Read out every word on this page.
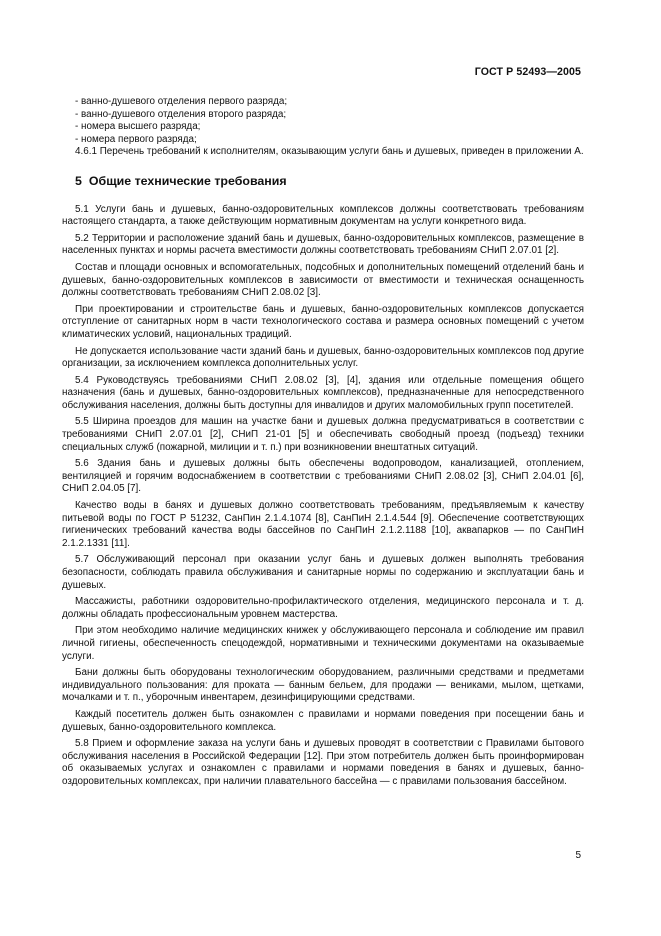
ГОСТ Р 52493—2005

- ванно-душевого отделения первого разряда;

- ванно-душевого отделения второго разряда;

- номера высшего разряда;

- номера первого разряда;

4.6.1 Перечень требований к исполнителям, оказывающим услуги бань и душевых, приведен в приложении А.

5 Общие технические требования

5.1 Услуги бань и душевых, банно-оздоровительных комплексов должны соответствовать требованиям настоящего стандарта, а также действующим нормативным документам на услуги конкретного вида.

5.2 Территории и расположение зданий бань и душевых, банно-оздоровительных комплексов, размещение в населенных пунктах и нормы расчета вместимости должны соответствовать требованиям СНиП 2.07.01 [2].

Состав и площади основных и вспомогательных, подсобных и дополнительных помещений отделений бань и душевых, банно-оздоровительных комплексов в зависимости от вместимости и техническая оснащенность должны соответствовать требованиям СНиП 2.08.02 [3].

При проектировании и строительстве бань и душевых, банно-оздоровительных комплексов допускается отступление от санитарных норм в части технологического состава и размера основных помещений с учетом климатических условий, национальных традиций.

Не допускается использование части зданий бань и душевых, банно-оздоровительных комплексов под другие организации, за исключением комплекса дополнительных услуг.

5.4 Руководствуясь требованиями СНиП 2.08.02 [3], [4], здания или отдельные помещения общего назначения (бань и душевых, банно-оздоровительных комплексов), предназначенные для непосредственного обслуживания населения, должны быть доступны для инвалидов и других маломобильных групп посетителей.

5.5 Ширина проездов для машин на участке бани и душевых должна предусматриваться в соответствии с требованиями СНиП 2.07.01 [2], СНиП 21-01 [5] и обеспечивать свободный проезд (подъезд) техники специальных служб (пожарной, милиции и т. п.) при возникновении внештатных ситуаций.

5.6 Здания бань и душевых должны быть обеспечены водопроводом, канализацией, отоплением, вентиляцией и горячим водоснабжением в соответствии с требованиями СНиП 2.08.02 [3], СНиП 2.04.01 [6], СНиП 2.04.05 [7].

Качество воды в банях и душевых должно соответствовать требованиям, предъявляемым к качеству питьевой воды по ГОСТ Р 51232, СанПин 2.1.4.1074 [8], СанПиН 2.1.4.544 [9]. Обеспечение соответствующих гигиенических требований качества воды бассейнов по СанПиН 2.1.2.1188 [10], аквапарков — по СанПиН 2.1.2.1331 [11].

5.7 Обслуживающий персонал при оказании услуг бань и душевых должен выполнять требования безопасности, соблюдать правила обслуживания и санитарные нормы по содержанию и эксплуатации бань и душевых.

Массажисты, работники оздоровительно-профилактического отделения, медицинского персонала и т. д. должны обладать профессиональным уровнем мастерства.

При этом необходимо наличие медицинских книжек у обслуживающего персонала и соблюдение им правил личной гигиены, обеспеченность спецодеждой, нормативными и техническими документами на оказываемые услуги.

Бани должны быть оборудованы технологическим оборудованием, различными средствами и предметами индивидуального пользования: для проката — банным бельем, для продажи — вениками, мылом, щетками, мочалками и т. п., уборочным инвентарем, дезинфицирующими средствами.

Каждый посетитель должен быть ознакомлен с правилами и нормами поведения при посещении бань и душевых, банно-оздоровительного комплекса.

5.8 Прием и оформление заказа на услуги бань и душевых проводят в соответствии с Правилами бытового обслуживания населения в Российской Федерации [12]. При этом потребитель должен быть проинформирован об оказываемых услугах и ознакомлен с правилами и нормами поведения в банях и душевых, банно-оздоровительных комплексах, при наличии плавательного бассейна — с правилами пользования бассейном.

5
